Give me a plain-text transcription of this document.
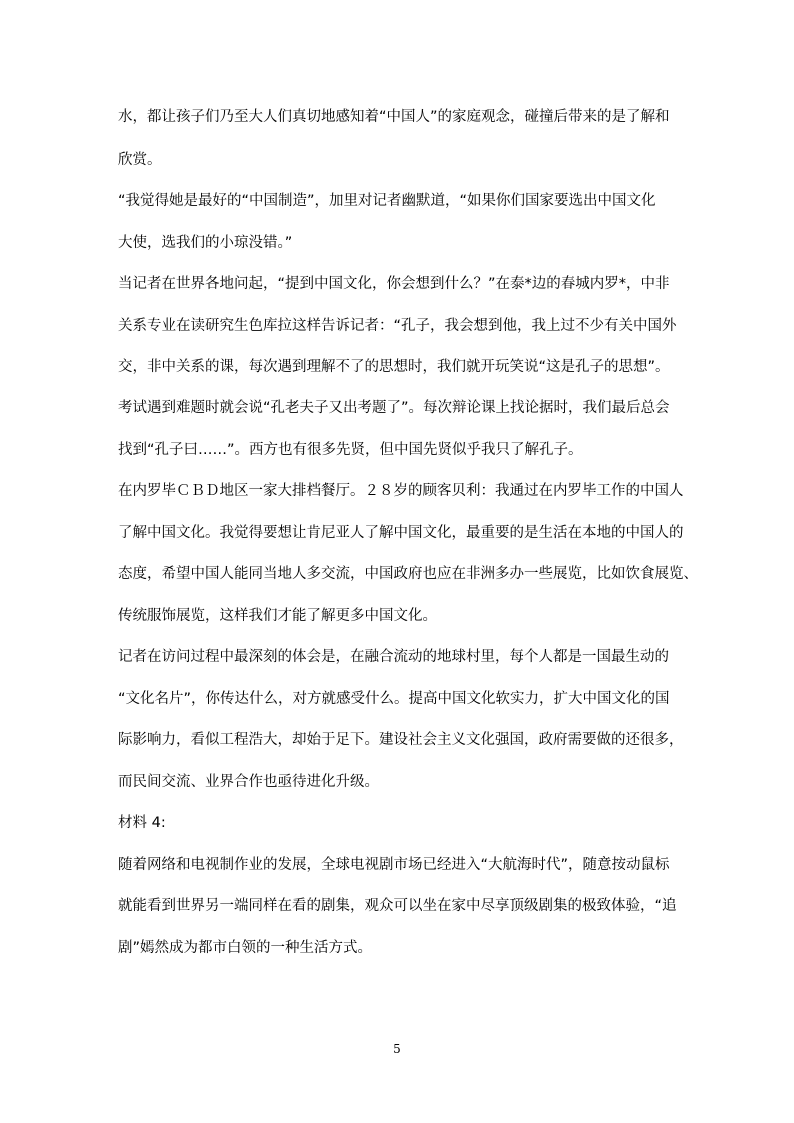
水，都让孩子们乃至大人们真切地感知着“中国人”的家庭观念，碰撞后带来的是了解和
欣赏。
“我觉得她是最好的“中国制造”，加里对记者幽默道，“如果你们国家要选出中国文化
大使，选我们的小琼没错。”
当记者在世界各地问起，“提到中国文化，你会想到什么？”在泰*边的春城内罗*，中非
关系专业在读研究生色库拉这样告诉记者：“孔子，我会想到他，我上过不少有关中国外
交，非中关系的课，每次遇到理解不了的思想时，我们就开玩笑说“这是孔子的思想”。
考试遇到难题时就会说“孔老夫子又出考题了”。每次辩论课上找论据时，我们最后总会
找到“孔子曰……”。西方也有很多先贤，但中国先贤似乎我只了解孔子。
在内罗毕ＣＢＤ地区一家大排档餐厅。２８岁的顾客贝利：我通过在内罗毕工作的中国人
了解中国文化。我觉得要想让肯尼亚人了解中国文化，最重要的是生活在本地的中国人的
态度，希望中国人能同当地人多交流，中国政府也应在非洲多办一些展览，比如饮食展览、
传统服饰展览，这样我们才能了解更多中国文化。
记者在访问过程中最深刻的体会是，在融合流动的地球村里，每个人都是一国最生动的
“文化名片”，你传达什么，对方就感受什么。提高中国文化软实力，扩大中国文化的国
际影响力，看似工程浩大，却始于足下。建设社会主义文化强国，政府需要做的还很多，
而民间交流、业界合作也亟待进化升级。
材料 4:
随着网络和电视制作业的发展，全球电视剧市场已经进入“大航海时代”，随意按动鼠标
就能看到世界另一端同样在看的剧集，观众可以坐在家中尽享顶级剧集的极致体验，“追
剧”嫣然成为都市白领的一种生活方式。
5
